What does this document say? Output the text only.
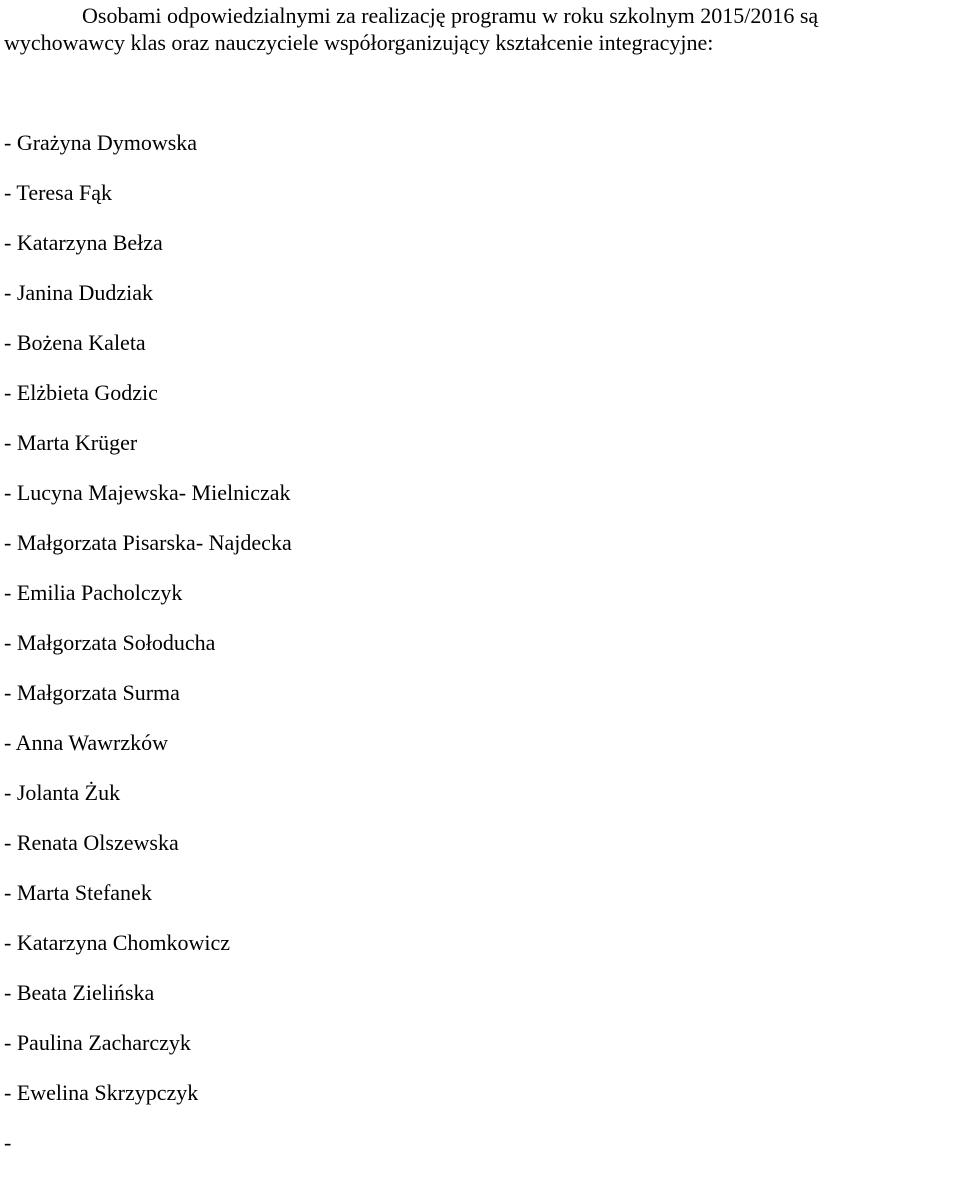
Osobami odpowiedzialnymi za realizację programu w roku szkolnym 2015/2016 są
wychowawcy klas oraz nauczyciele współorganizujący kształcenie integracyjne:

- Grażyna Dymowska
- Teresa Fąk
- Katarzyna Bełza
- Janina Dudziak
- Bożena Kaleta
- Elżbieta Godzic
- Marta Krüger
- Lucyna Majewska- Mielniczak
- Małgorzata Pisarska- Najdecka
- Emilia Pacholczyk
- Małgorzata Sołoducha
- Małgorzata Surma
- Anna Wawrzków
- Jolanta Żuk
- Renata Olszewska
- Marta Stefanek
- Katarzyna Chomkowicz
- Beata Zielińska
- Paulina Zacharczyk
- Ewelina Skrzypczyk
-
